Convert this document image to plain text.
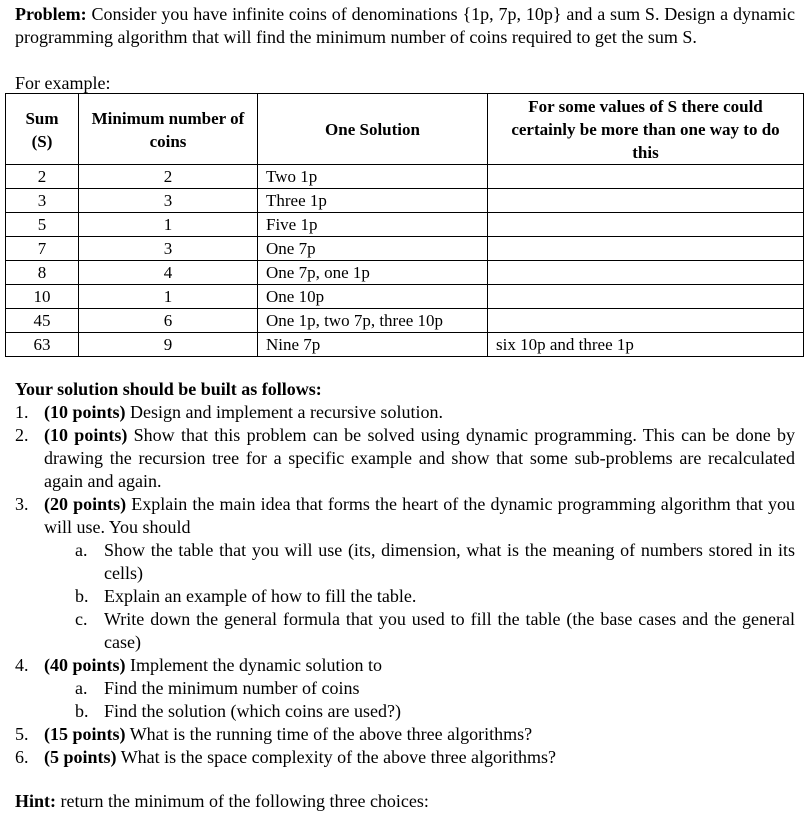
Problem: Consider you have infinite coins of denominations {1p, 7p, 10p} and a sum S. Design a dynamic programming algorithm that will find the minimum number of coins required to get the sum S.
For example:
Sum (S)	Minimum number of coins	One Solution	For some values of S there could certainly be more than one way to do this
2	2	Two 1p	
3	3	Three 1p	
5	1	Five 1p	
7	3	One 7p	
8	4	One 7p, one 1p	
10	1	One 10p	
45	6	One 1p, two 7p, three 10p	
63	9	Nine 7p	six 10p and three 1p
Your solution should be built as follows:
1. (10 points) Design and implement a recursive solution.
2. (10 points) Show that this problem can be solved using dynamic programming. This can be done by drawing the recursion tree for a specific example and show that some sub-problems are recalculated again and again.
3. (20 points) Explain the main idea that forms the heart of the dynamic programming algorithm that you will use. You should
a. Show the table that you will use (its, dimension, what is the meaning of numbers stored in its cells)
b. Explain an example of how to fill the table.
c. Write down the general formula that you used to fill the table (the base cases and the general case)
4. (40 points) Implement the dynamic solution to
a. Find the minimum number of coins
b. Find the solution (which coins are used?)
5. (15 points) What is the running time of the above three algorithms?
6. (5 points) What is the space complexity of the above three algorithms?
Hint: return the minimum of the following three choices:
